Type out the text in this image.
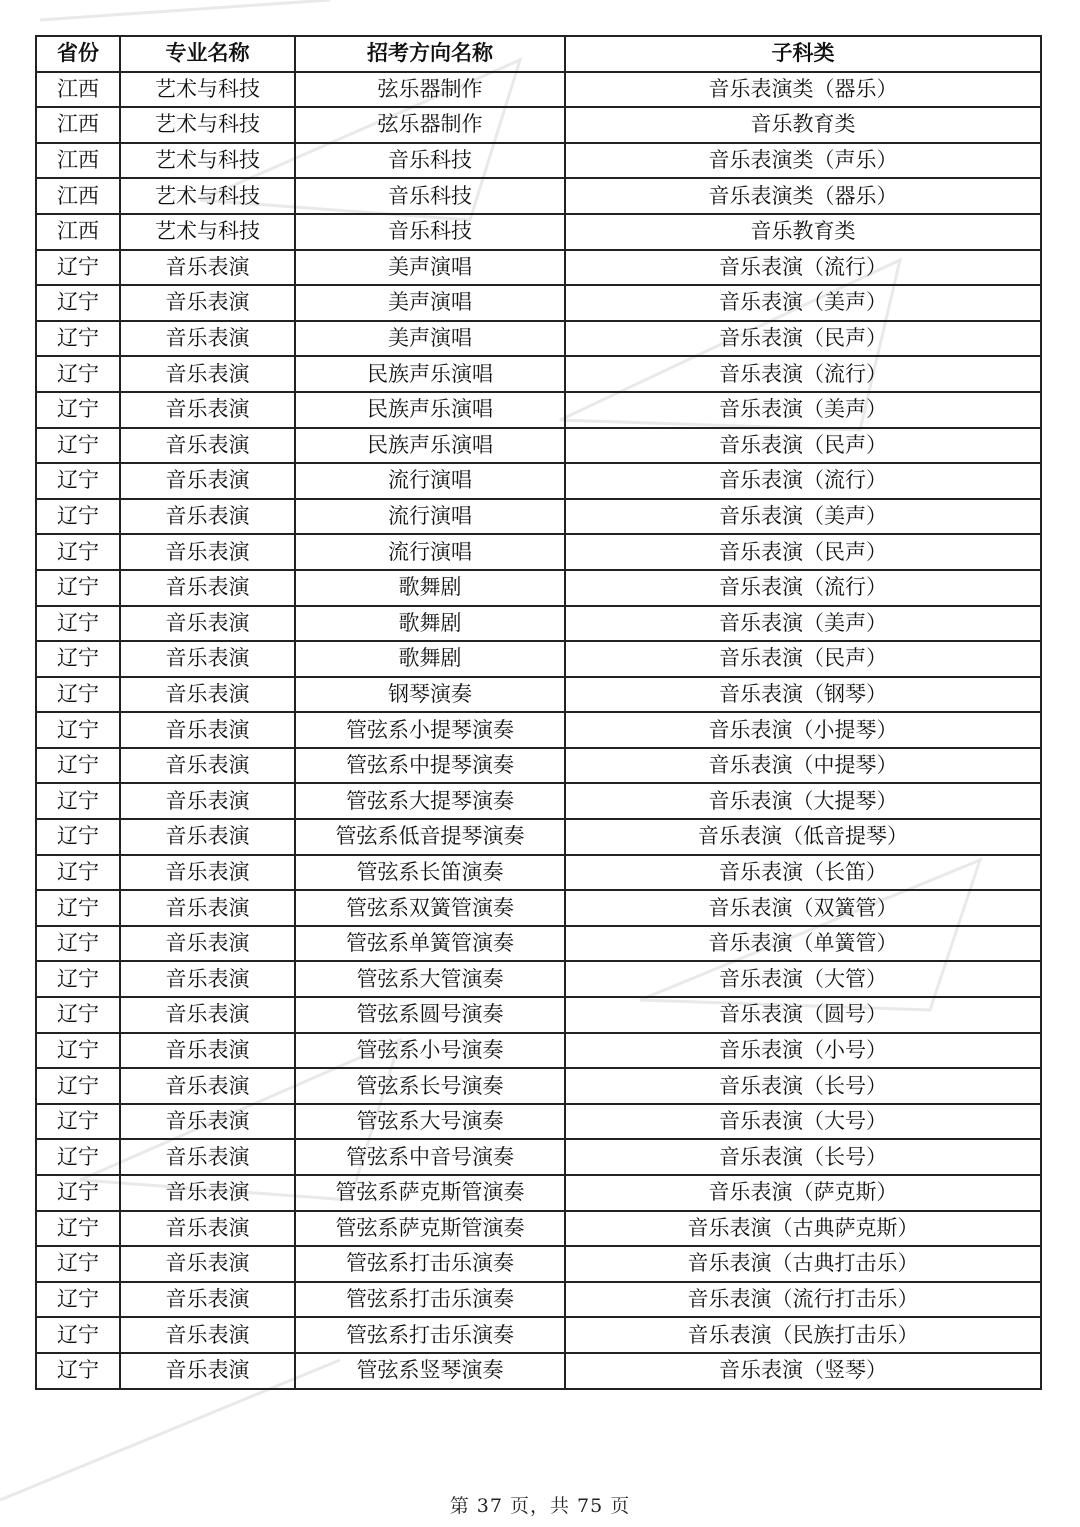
省份	专业名称	招考方向名称	子科类
江西	艺术与科技	弦乐器制作	音乐表演类（器乐）
江西	艺术与科技	弦乐器制作	音乐教育类
江西	艺术与科技	音乐科技	音乐表演类（声乐）
江西	艺术与科技	音乐科技	音乐表演类（器乐）
江西	艺术与科技	音乐科技	音乐教育类
辽宁	音乐表演	美声演唱	音乐表演（流行）
辽宁	音乐表演	美声演唱	音乐表演（美声）
辽宁	音乐表演	美声演唱	音乐表演（民声）
辽宁	音乐表演	民族声乐演唱	音乐表演（流行）
辽宁	音乐表演	民族声乐演唱	音乐表演（美声）
辽宁	音乐表演	民族声乐演唱	音乐表演（民声）
辽宁	音乐表演	流行演唱	音乐表演（流行）
辽宁	音乐表演	流行演唱	音乐表演（美声）
辽宁	音乐表演	流行演唱	音乐表演（民声）
辽宁	音乐表演	歌舞剧	音乐表演（流行）
辽宁	音乐表演	歌舞剧	音乐表演（美声）
辽宁	音乐表演	歌舞剧	音乐表演（民声）
辽宁	音乐表演	钢琴演奏	音乐表演（钢琴）
辽宁	音乐表演	管弦系小提琴演奏	音乐表演（小提琴）
辽宁	音乐表演	管弦系中提琴演奏	音乐表演（中提琴）
辽宁	音乐表演	管弦系大提琴演奏	音乐表演（大提琴）
辽宁	音乐表演	管弦系低音提琴演奏	音乐表演（低音提琴）
辽宁	音乐表演	管弦系长笛演奏	音乐表演（长笛）
辽宁	音乐表演	管弦系双簧管演奏	音乐表演（双簧管）
辽宁	音乐表演	管弦系单簧管演奏	音乐表演（单簧管）
辽宁	音乐表演	管弦系大管演奏	音乐表演（大管）
辽宁	音乐表演	管弦系圆号演奏	音乐表演（圆号）
辽宁	音乐表演	管弦系小号演奏	音乐表演（小号）
辽宁	音乐表演	管弦系长号演奏	音乐表演（长号）
辽宁	音乐表演	管弦系大号演奏	音乐表演（大号）
辽宁	音乐表演	管弦系中音号演奏	音乐表演（长号）
辽宁	音乐表演	管弦系萨克斯管演奏	音乐表演（萨克斯）
辽宁	音乐表演	管弦系萨克斯管演奏	音乐表演（古典萨克斯）
辽宁	音乐表演	管弦系打击乐演奏	音乐表演（古典打击乐）
辽宁	音乐表演	管弦系打击乐演奏	音乐表演（流行打击乐）
辽宁	音乐表演	管弦系打击乐演奏	音乐表演（民族打击乐）
辽宁	音乐表演	管弦系竖琴演奏	音乐表演（竖琴）
第 37 页，共 75 页
